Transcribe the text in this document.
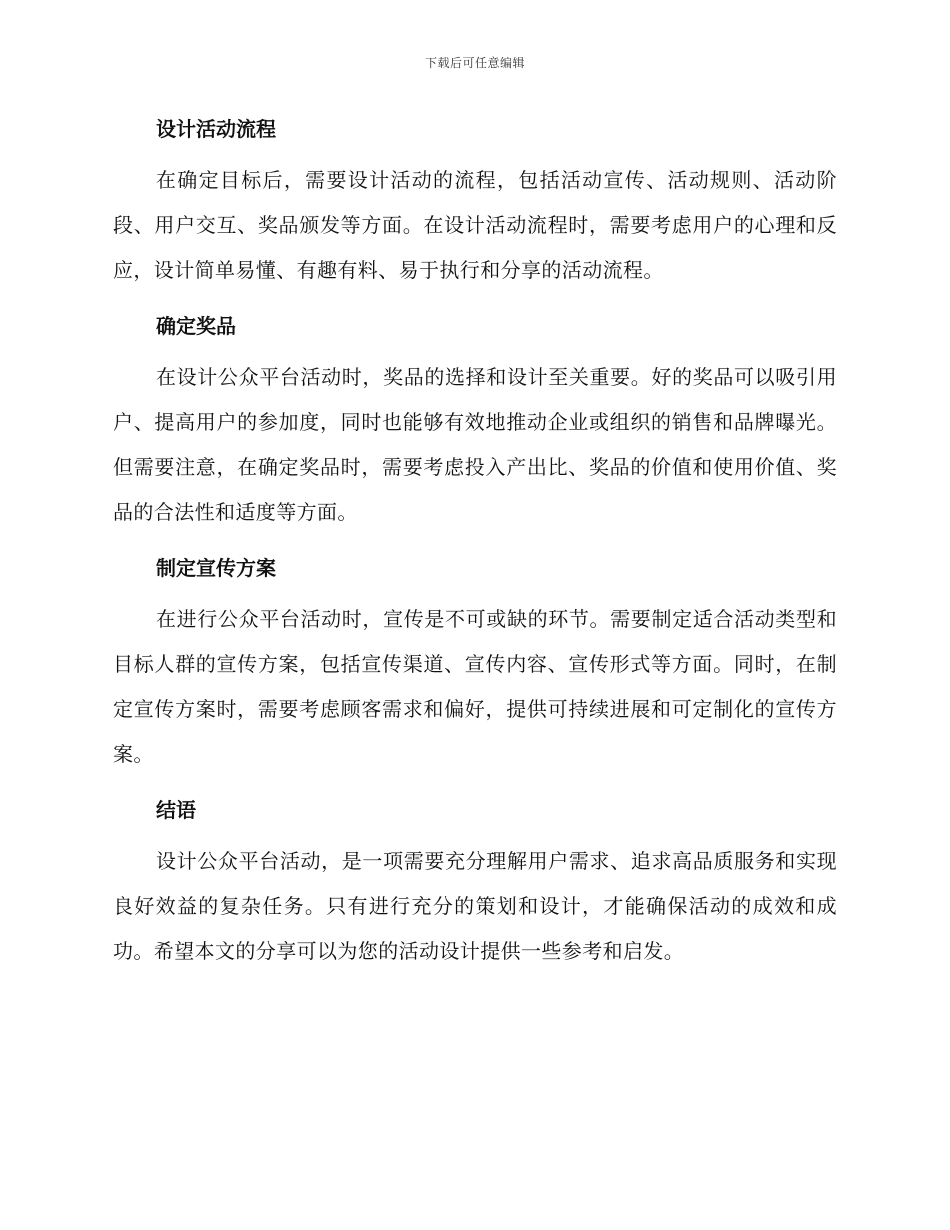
下载后可任意编辑
设计活动流程

在确定目标后，需要设计活动的流程，包括活动宣传、活动规则、活动阶段、用户交互、奖品颁发等方面。在设计活动流程时，需要考虑用户的心理和反应，设计简单易懂、有趣有料、易于执行和分享的活动流程。

确定奖品

在设计公众平台活动时，奖品的选择和设计至关重要。好的奖品可以吸引用户、提高用户的参加度，同时也能够有效地推动企业或组织的销售和品牌曝光。但需要注意，在确定奖品时，需要考虑投入产出比、奖品的价值和使用价值、奖品的合法性和适度等方面。

制定宣传方案

在进行公众平台活动时，宣传是不可或缺的环节。需要制定适合活动类型和目标人群的宣传方案，包括宣传渠道、宣传内容、宣传形式等方面。同时，在制定宣传方案时，需要考虑顾客需求和偏好，提供可持续进展和可定制化的宣传方案。

结语

设计公众平台活动，是一项需要充分理解用户需求、追求高品质服务和实现良好效益的复杂任务。只有进行充分的策划和设计，才能确保活动的成效和成功。希望本文的分享可以为您的活动设计提供一些参考和启发。
